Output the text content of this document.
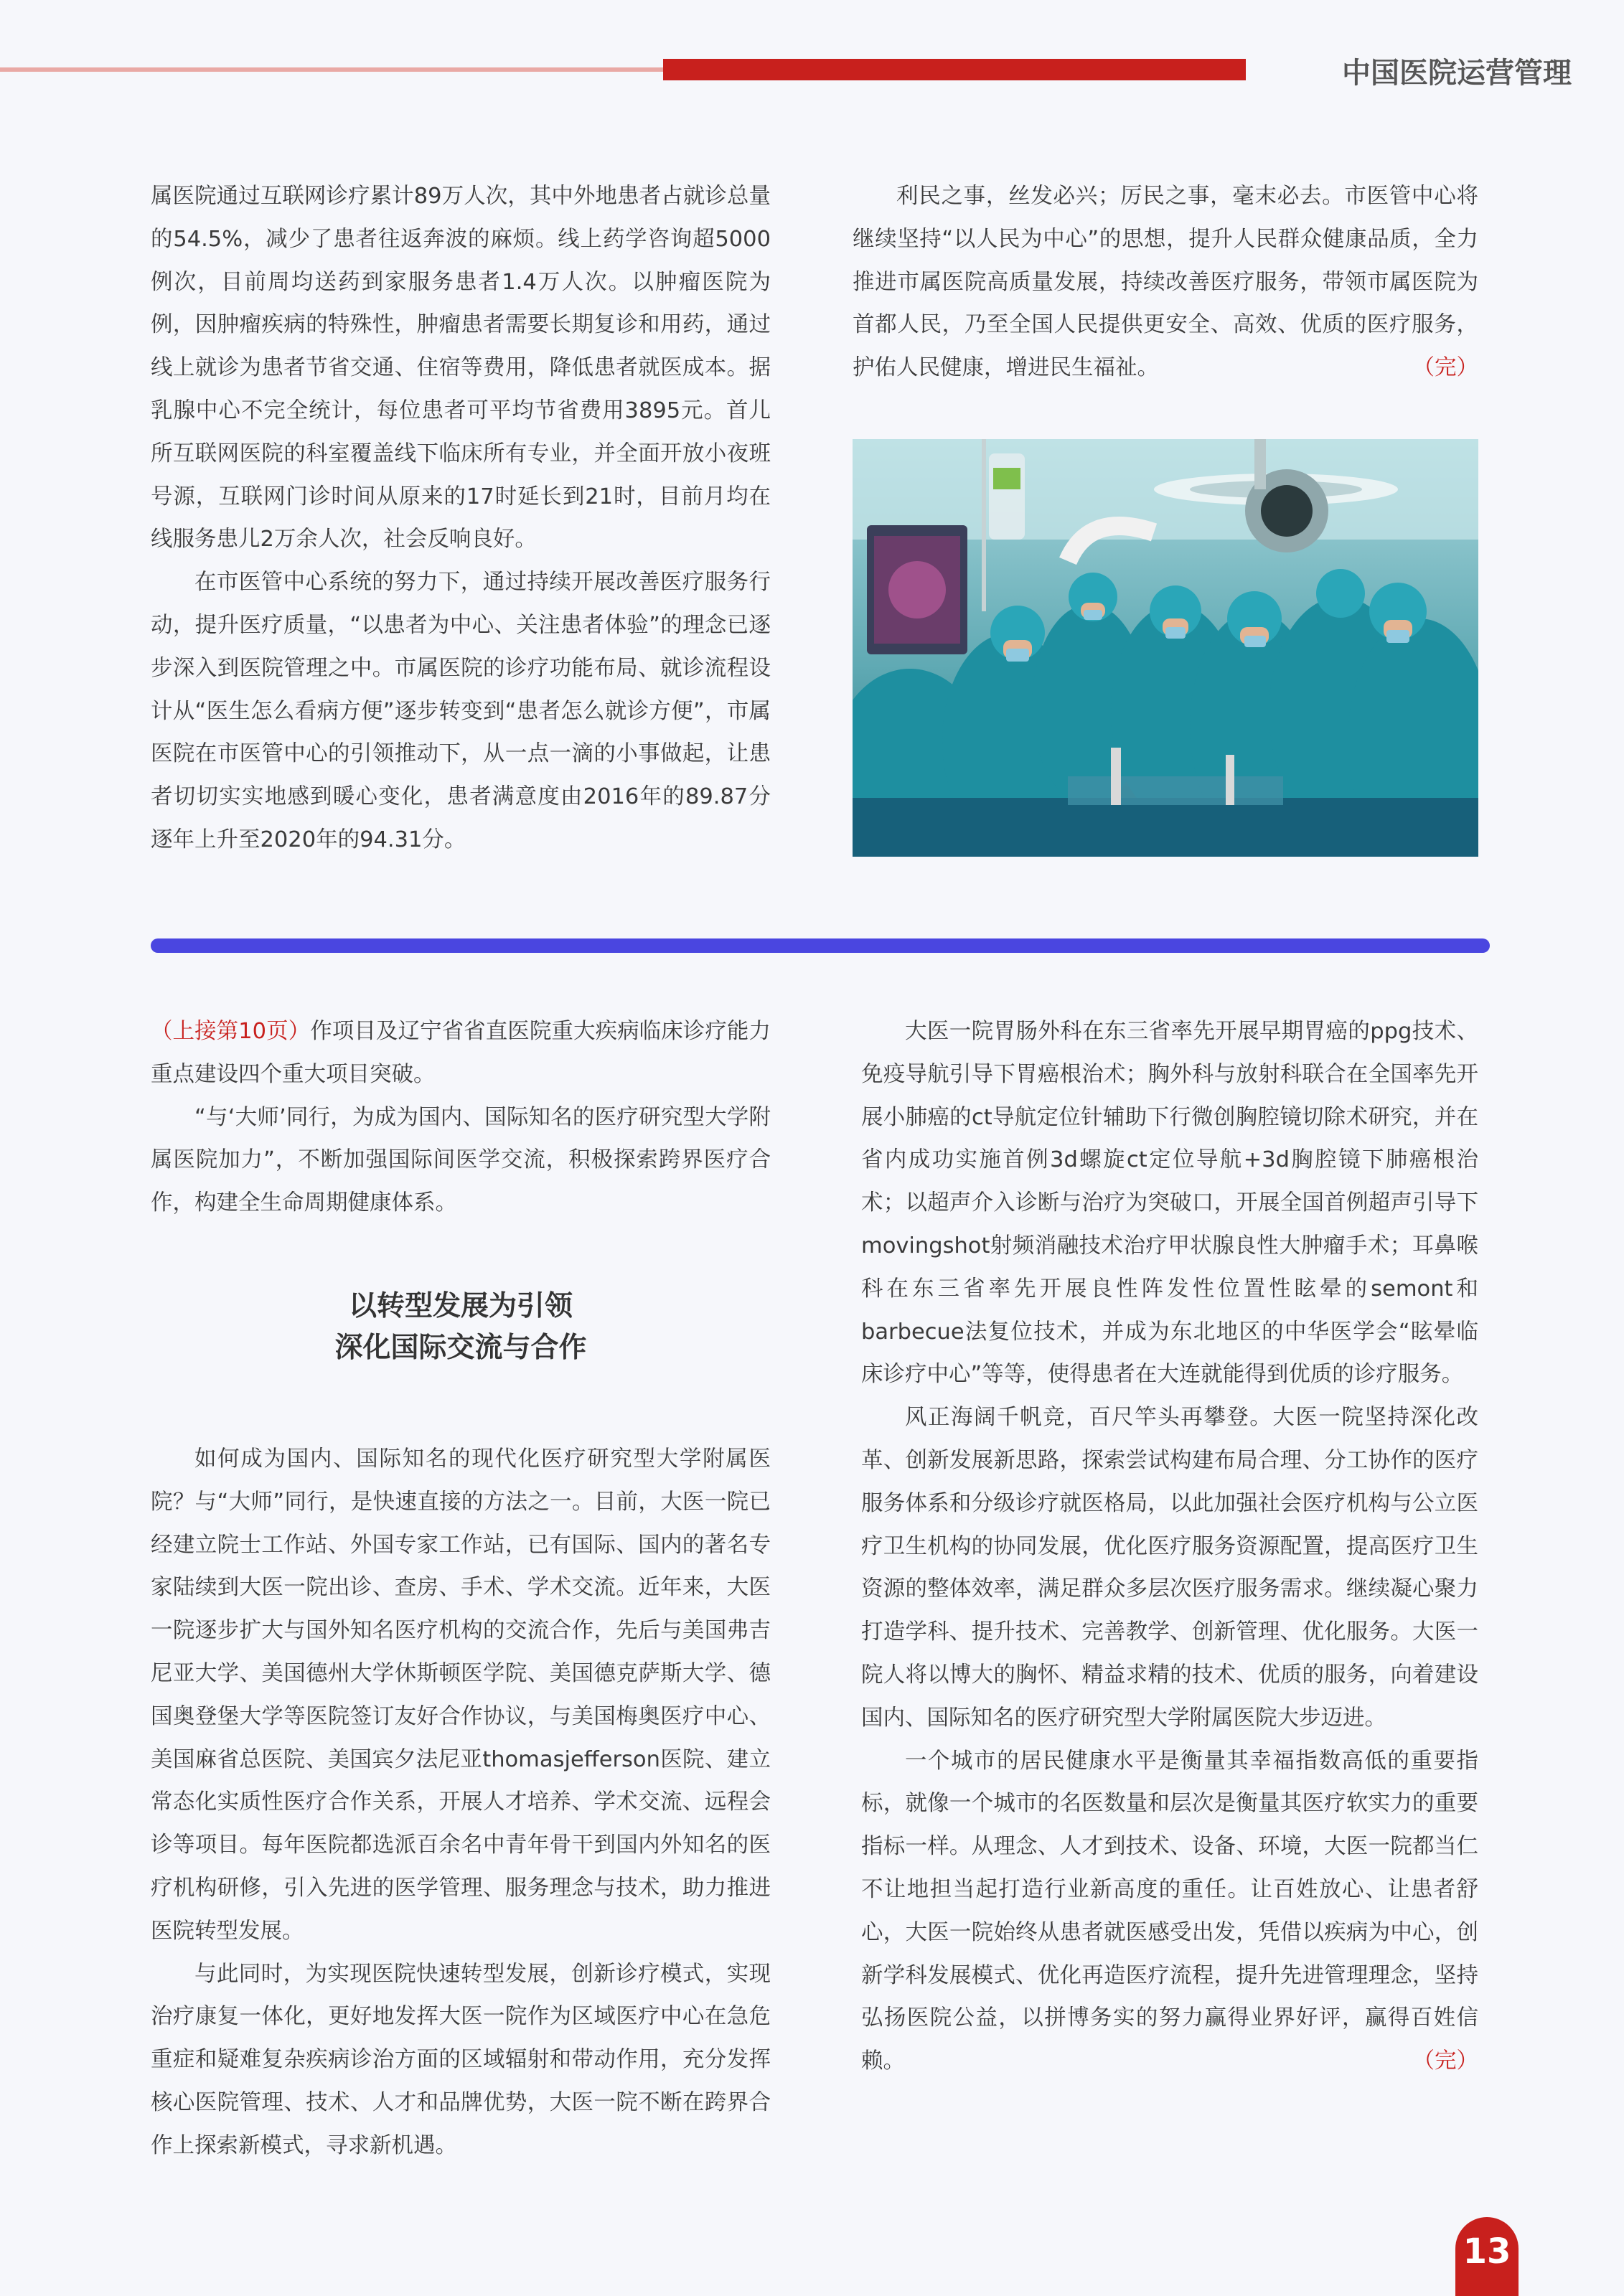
中国医院运营管理

属医院通过互联网诊疗累计89万人次，其中外地患者占就诊总量的54.5%，减少了患者往返奔波的麻烦。线上药学咨询超5000例次，目前周均送药到家服务患者1.4万人次。以肿瘤医院为例，因肿瘤疾病的特殊性，肿瘤患者需要长期复诊和用药，通过线上就诊为患者节省交通、住宿等费用，降低患者就医成本。据乳腺中心不完全统计，每位患者可平均节省费用3895元。首儿所互联网医院的科室覆盖线下临床所有专业，并全面开放小夜班号源，互联网门诊时间从原来的17时延长到21时，目前月均在线服务患儿2万余人次，社会反响良好。

在市医管中心系统的努力下，通过持续开展改善医疗服务行动，提升医疗质量，“以患者为中心、关注患者体验”的理念已逐步深入到医院管理之中。市属医院的诊疗功能布局、就诊流程设计从“医生怎么看病方便”逐步转变到“患者怎么就诊方便”，市属医院在市医管中心的引领推动下，从一点一滴的小事做起，让患者切切实实地感到暖心变化，患者满意度由2016年的89.87分逐年上升至2020年的94.31分。

利民之事，丝发必兴；厉民之事，毫末必去。市医管中心将继续坚持“以人民为中心”的思想，提升人民群众健康品质，全力推进市属医院高质量发展，持续改善医疗服务，带领市属医院为首都人民，乃至全国人民提供更安全、高效、优质的医疗服务，护佑人民健康，增进民生福祉。	（完）

（上接第10页）作项目及辽宁省省直医院重大疾病临床诊疗能力重点建设四个重大项目突破。

“与‘大师’同行，为成为国内、国际知名的医疗研究型大学附属医院加力”，不断加强国际间医学交流，积极探索跨界医疗合作，构建全生命周期健康体系。

以转型发展为引领
深化国际交流与合作

如何成为国内、国际知名的现代化医疗研究型大学附属医院？与“大师”同行，是快速直接的方法之一。目前，大医一院已经建立院士工作站、外国专家工作站，已有国际、国内的著名专家陆续到大医一院出诊、查房、手术、学术交流。近年来，大医一院逐步扩大与国外知名医疗机构的交流合作，先后与美国弗吉尼亚大学、美国德州大学休斯顿医学院、美国德克萨斯大学、德国奥登堡大学等医院签订友好合作协议，与美国梅奥医疗中心、美国麻省总医院、美国宾夕法尼亚thomasjefferson医院、建立常态化实质性医疗合作关系，开展人才培养、学术交流、远程会诊等项目。每年医院都选派百余名中青年骨干到国内外知名的医疗机构研修，引入先进的医学管理、服务理念与技术，助力推进医院转型发展。

与此同时，为实现医院快速转型发展，创新诊疗模式，实现治疗康复一体化，更好地发挥大医一院作为区域医疗中心在急危重症和疑难复杂疾病诊治方面的区域辐射和带动作用，充分发挥核心医院管理、技术、人才和品牌优势，大医一院不断在跨界合作上探索新模式，寻求新机遇。

大医一院胃肠外科在东三省率先开展早期胃癌的ppg技术、免疫导航引导下胃癌根治术；胸外科与放射科联合在全国率先开展小肺癌的ct导航定位针辅助下行微创胸腔镜切除术研究，并在省内成功实施首例3d螺旋ct定位导航+3d胸腔镜下肺癌根治术；以超声介入诊断与治疗为突破口，开展全国首例超声引导下movingshot射频消融技术治疗甲状腺良性大肿瘤手术；耳鼻喉科在东三省率先开展良性阵发性位置性眩晕的semont和barbecue法复位技术，并成为东北地区的中华医学会“眩晕临床诊疗中心”等等，使得患者在大连就能得到优质的诊疗服务。

风正海阔千帆竞，百尺竿头再攀登。大医一院坚持深化改革、创新发展新思路，探索尝试构建布局合理、分工协作的医疗服务体系和分级诊疗就医格局，以此加强社会医疗机构与公立医疗卫生机构的协同发展，优化医疗服务资源配置，提高医疗卫生资源的整体效率，满足群众多层次医疗服务需求。继续凝心聚力打造学科、提升技术、完善教学、创新管理、优化服务。大医一院人将以博大的胸怀、精益求精的技术、优质的服务，向着建设国内、国际知名的医疗研究型大学附属医院大步迈进。

一个城市的居民健康水平是衡量其幸福指数高低的重要指标，就像一个城市的名医数量和层次是衡量其医疗软实力的重要指标一样。从理念、人才到技术、设备、环境，大医一院都当仁不让地担当起打造行业新高度的重任。让百姓放心、让患者舒心，大医一院始终从患者就医感受出发，凭借以疾病为中心，创新学科发展模式、优化再造医疗流程，提升先进管理理念，坚持弘扬医院公益，以拼博务实的努力赢得业界好评，赢得百姓信赖。	（完）

13
